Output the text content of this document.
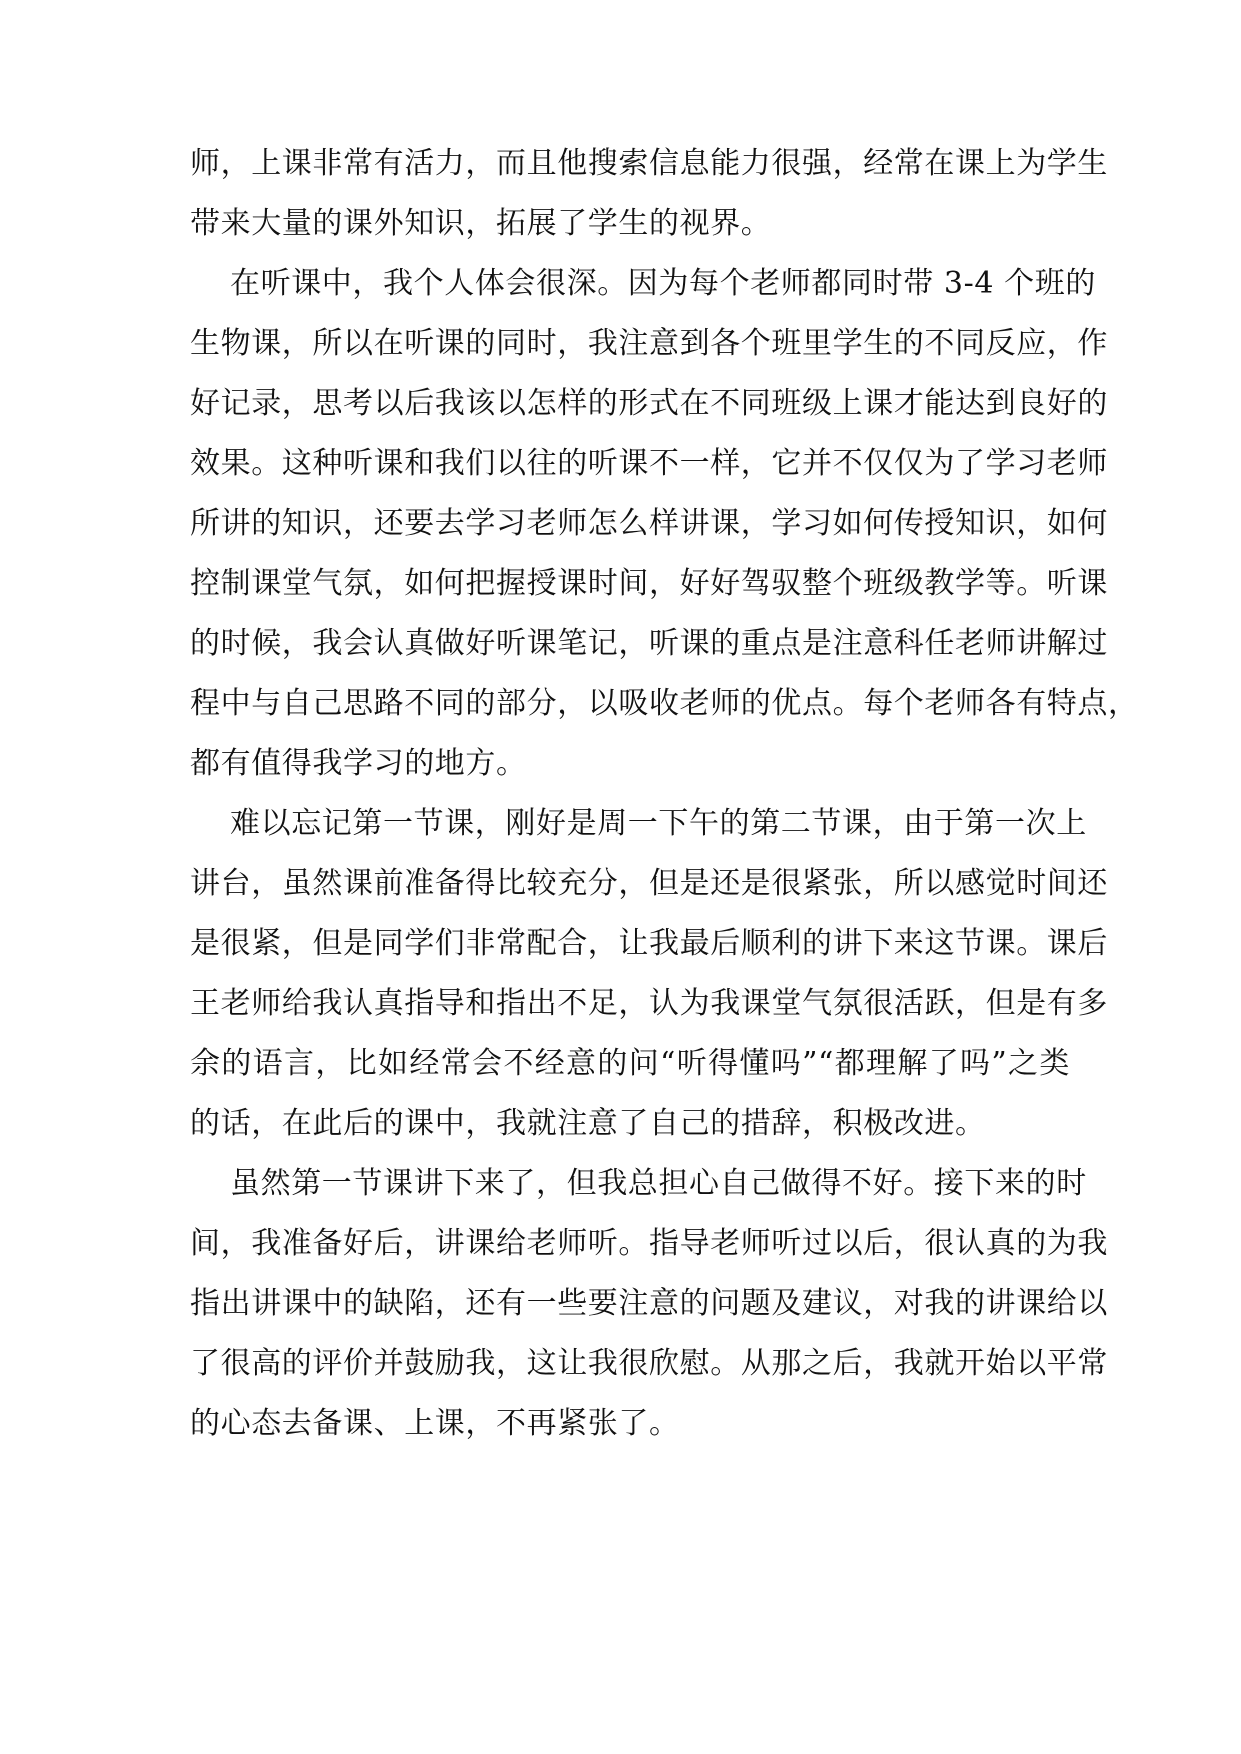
师，上课非常有活力，而且他搜索信息能力很强，经常在课上为学生
带来大量的课外知识，拓展了学生的视界。
在听课中，我个人体会很深。因为每个老师都同时带 3-4 个班的
生物课，所以在听课的同时，我注意到各个班里学生的不同反应，作
好记录，思考以后我该以怎样的形式在不同班级上课才能达到良好的
效果。这种听课和我们以往的听课不一样，它并不仅仅为了学习老师
所讲的知识，还要去学习老师怎么样讲课，学习如何传授知识，如何
控制课堂气氛，如何把握授课时间，好好驾驭整个班级教学等。听课
的时候，我会认真做好听课笔记，听课的重点是注意科任老师讲解过
程中与自己思路不同的部分，以吸收老师的优点。每个老师各有特点，
都有值得我学习的地方。
难以忘记第一节课，刚好是周一下午的第二节课，由于第一次上
讲台，虽然课前准备得比较充分，但是还是很紧张，所以感觉时间还
是很紧，但是同学们非常配合，让我最后顺利的讲下来这节课。课后
王老师给我认真指导和指出不足，认为我课堂气氛很活跃，但是有多
余的语言，比如经常会不经意的问“听得懂吗”“都理解了吗”之类
的话，在此后的课中，我就注意了自己的措辞，积极改进。
虽然第一节课讲下来了，但我总担心自己做得不好。接下来的时
间，我准备好后，讲课给老师听。指导老师听过以后，很认真的为我
指出讲课中的缺陷，还有一些要注意的问题及建议，对我的讲课给以
了很高的评价并鼓励我，这让我很欣慰。从那之后，我就开始以平常
的心态去备课、上课，不再紧张了。
